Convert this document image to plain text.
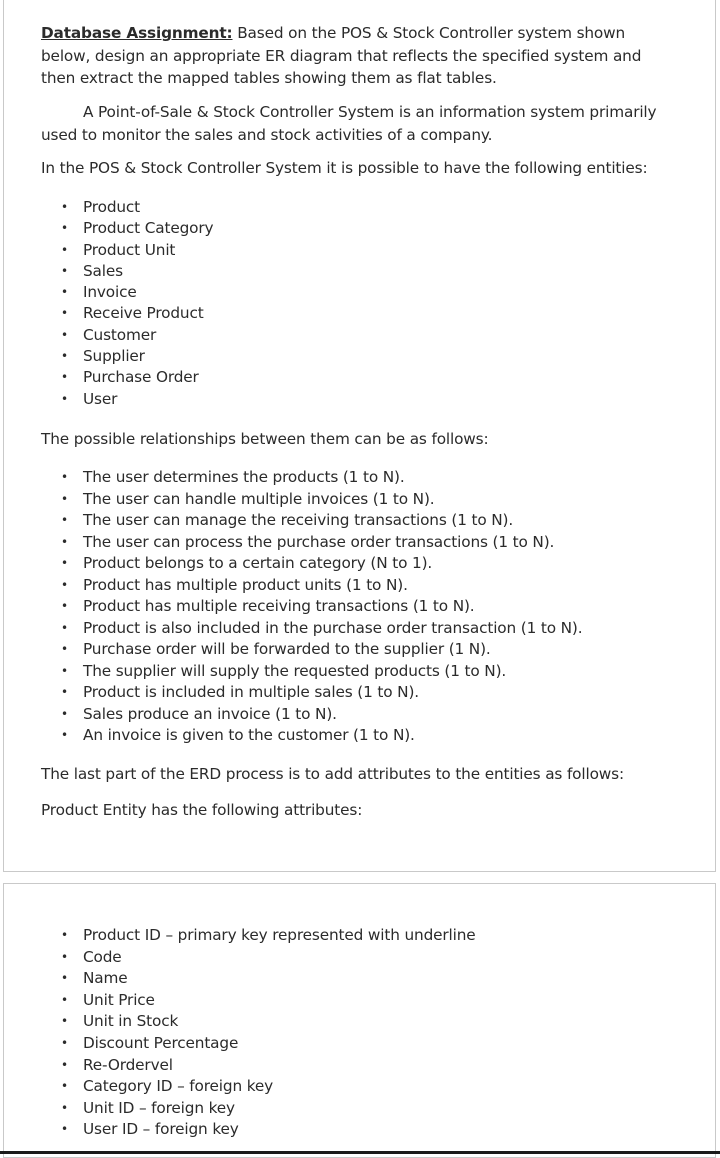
Database Assignment: Based on the POS & Stock Controller system shown below, design an appropriate ER diagram that reflects the specified system and then extract the mapped tables showing them as flat tables.

A Point-of-Sale & Stock Controller System is an information system primarily used to monitor the sales and stock activities of a company.

In the POS & Stock Controller System it is possible to have the following entities:

• Product
• Product Category
• Product Unit
• Sales
• Invoice
• Receive Product
• Customer
• Supplier
• Purchase Order
• User

The possible relationships between them can be as follows:

• The user determines the products (1 to N).
• The user can handle multiple invoices (1 to N).
• The user can manage the receiving transactions (1 to N).
• The user can process the purchase order transactions (1 to N).
• Product belongs to a certain category (N to 1).
• Product has multiple product units (1 to N).
• Product has multiple receiving transactions (1 to N).
• Product is also included in the purchase order transaction (1 to N).
• Purchase order will be forwarded to the supplier (1 N).
• The supplier will supply the requested products (1 to N).
• Product is included in multiple sales (1 to N).
• Sales produce an invoice (1 to N).
• An invoice is given to the customer (1 to N).

The last part of the ERD process is to add attributes to the entities as follows:

Product Entity has the following attributes:

• Product ID – primary key represented with underline
• Code
• Name
• Unit Price
• Unit in Stock
• Discount Percentage
• Re-Ordervel
• Category ID – foreign key
• Unit ID – foreign key
• User ID – foreign key
